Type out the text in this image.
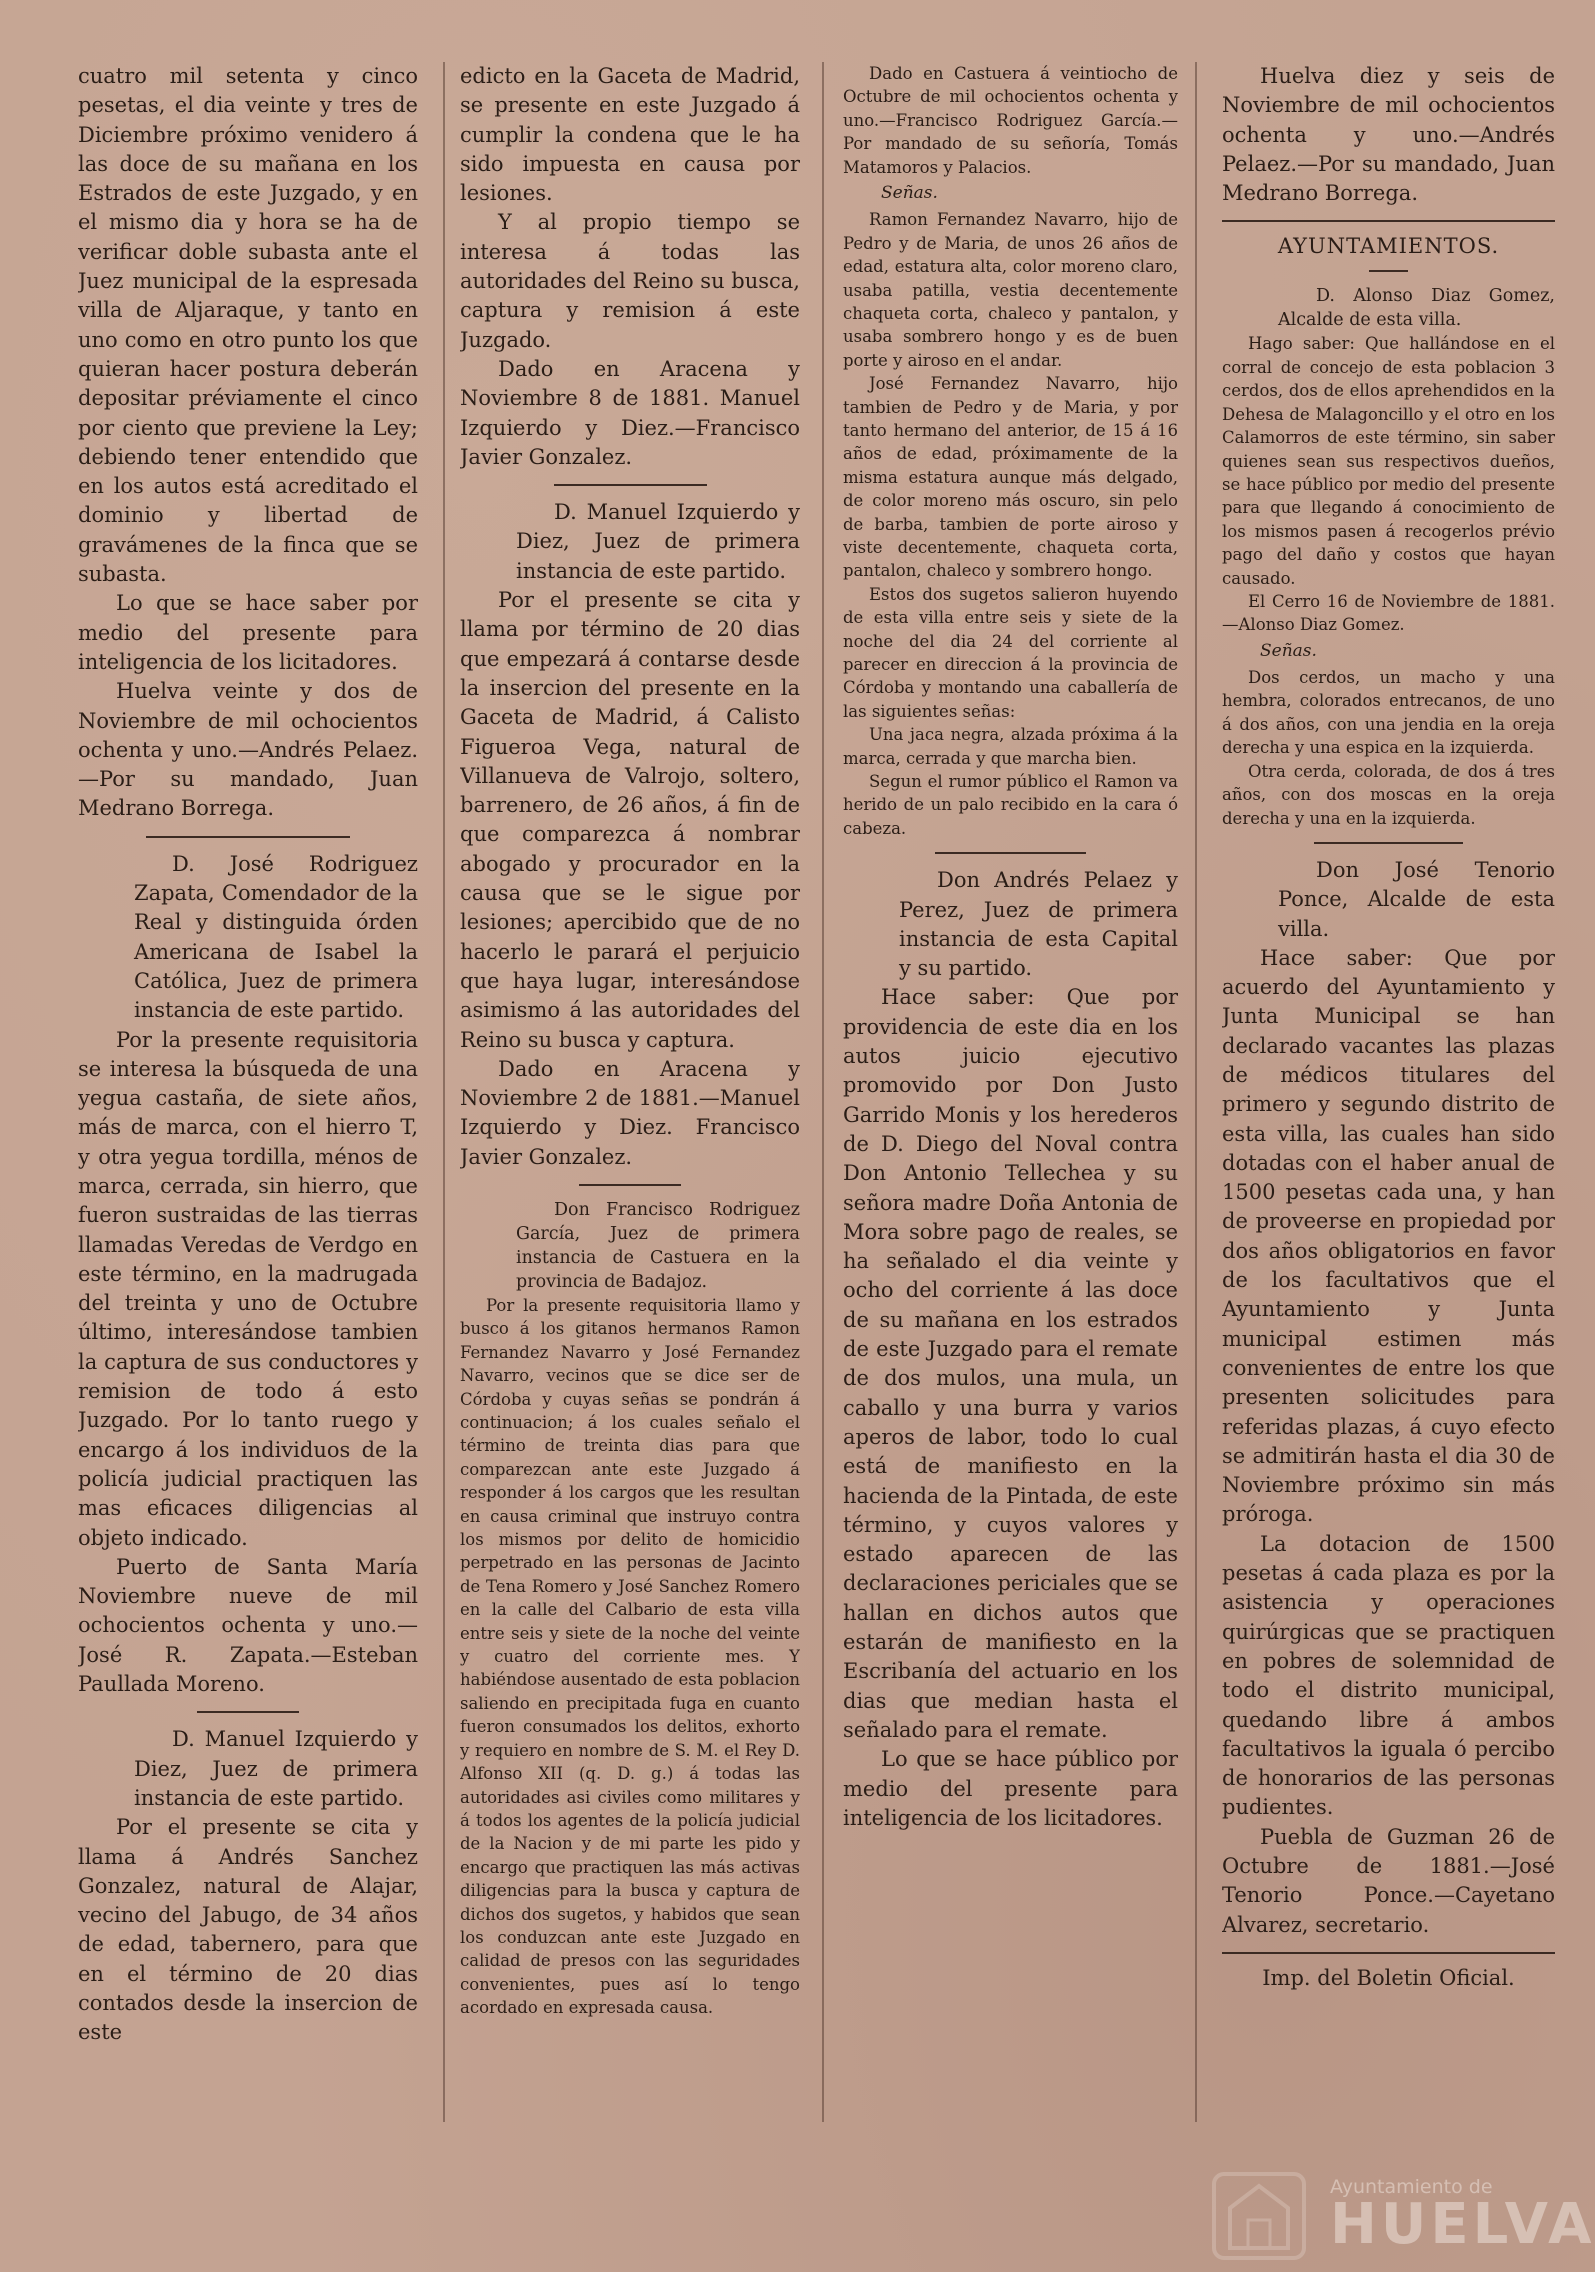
cuatro mil setenta y cinco pesetas, el dia veinte y tres de Diciembre próximo venidero á las doce de su mañana en los Estrados de este Juzgado, y en el mismo dia y hora se ha de verificar doble subasta ante el Juez municipal de la espresada villa de Aljaraque, y tanto en uno como en otro punto los que quieran hacer postura deberán depositar préviamente el cinco por ciento que previene la Ley; debiendo tener entendido que en los autos está acreditado el dominio y libertad de gravámenes de la finca que se subasta.

Lo que se hace saber por medio del presente para inteligencia de los licitadores.

Huelva veinte y dos de Noviembre de mil ochocientos ochenta y uno.—Andrés Pelaez.—Por su mandado, Juan Medrano Borrega.

D. José Rodriguez Zapata, Comendador de la Real y distinguida órden Americana de Isabel la Católica, Juez de primera instancia de este partido.

Por la presente requisitoria se interesa la búsqueda de una yegua castaña, de siete años, más de marca, con el hierro T, y otra yegua tordilla, ménos de marca, cerrada, sin hierro, que fueron sustraidas de las tierras llamadas Veredas de Verdgo en este término, en la madrugada del treinta y uno de Octubre último, interesándose tambien la captura de sus conductores y remision de todo á esto Juzgado. Por lo tanto ruego y encargo á los individuos de la policía judicial practiquen las mas eficaces diligencias al objeto indicado.

Puerto de Santa María Noviembre nueve de mil ochocientos ochenta y uno.—José R. Zapata.—Esteban Paullada Moreno.

D. Manuel Izquierdo y Diez, Juez de primera instancia de este partido.

Por el presente se cita y llama á Andrés Sanchez Gonzalez, natural de Alajar, vecino del Jabugo, de 34 años de edad, tabernero, para que en el término de 20 dias contados desde la insercion de este

edicto en la Gaceta de Madrid, se presente en este Juzgado á cumplir la condena que le ha sido impuesta en causa por lesiones.

Y al propio tiempo se interesa á todas las autoridades del Reino su busca, captura y remision á este Juzgado.

Dado en Aracena y Noviembre 8 de 1881. Manuel Izquierdo y Diez.—Francisco Javier Gonzalez.

D. Manuel Izquierdo y Diez, Juez de primera instancia de este partido.

Por el presente se cita y llama por término de 20 dias que empezará á contarse desde la insercion del presente en la Gaceta de Madrid, á Calisto Figueroa Vega, natural de Villanueva de Valrojo, soltero, barrenero, de 26 años, á fin de que comparezca á nombrar abogado y procurador en la causa que se le sigue por lesiones; apercibido que de no hacerlo le parará el perjuicio que haya lugar, interesándose asimismo á las autoridades del Reino su busca y captura.

Dado en Aracena y Noviembre 2 de 1881.—Manuel Izquierdo y Diez. Francisco Javier Gonzalez.

Don Francisco Rodriguez García, Juez de primera instancia de Castuera en la provincia de Badajoz.

Por la presente requisitoria llamo y busco á los gitanos hermanos Ramon Fernandez Navarro y José Fernandez Navarro, vecinos que se dice ser de Córdoba y cuyas señas se pondrán á continuacion; á los cuales señalo el término de treinta dias para que comparezcan ante este Juzgado á responder á los cargos que les resultan en causa criminal que instruyo contra los mismos por delito de homicidio perpetrado en las personas de Jacinto de Tena Romero y José Sanchez Romero en la calle del Calbario de esta villa entre seis y siete de la noche del veinte y cuatro del corriente mes. Y habiéndose ausentado de esta poblacion saliendo en precipitada fuga en cuanto fueron consumados los delitos, exhorto y requiero en nombre de S. M. el Rey D. Alfonso XII (q. D. g.) á todas las autoridades asi civiles como militares y á todos los agentes de la policía judicial de la Nacion y de mi parte les pido y encargo que practiquen las más activas diligencias para la busca y captura de dichos dos sugetos, y habidos que sean los conduzcan ante este Juzgado en calidad de presos con las seguridades convenientes, pues así lo tengo acordado en expresada causa.

Dado en Castuera á veintiocho de Octubre de mil ochocientos ochenta y uno.—Francisco Rodriguez García.—Por mandado de su señoría, Tomás Matamoros y Palacios.

Señas.

Ramon Fernandez Navarro, hijo de Pedro y de Maria, de unos 26 años de edad, estatura alta, color moreno claro, usaba patilla, vestia decentemente chaqueta corta, chaleco y pantalon, y usaba sombrero hongo y es de buen porte y airoso en el andar.

José Fernandez Navarro, hijo tambien de Pedro y de Maria, y por tanto hermano del anterior, de 15 á 16 años de edad, próximamente de la misma estatura aunque más delgado, de color moreno más oscuro, sin pelo de barba, tambien de porte airoso y viste decentemente, chaqueta corta, pantalon, chaleco y sombrero hongo.

Estos dos sugetos salieron huyendo de esta villa entre seis y siete de la noche del dia 24 del corriente al parecer en direccion á la provincia de Córdoba y montando una caballería de las siguientes señas:

Una jaca negra, alzada próxima á la marca, cerrada y que marcha bien.

Segun el rumor público el Ramon va herido de un palo recibido en la cara ó cabeza.

Don Andrés Pelaez y Perez, Juez de primera instancia de esta Capital y su partido.

Hace saber: Que por providencia de este dia en los autos juicio ejecutivo promovido por Don Justo Garrido Monis y los herederos de D. Diego del Noval contra Don Antonio Tellechea y su señora madre Doña Antonia de Mora sobre pago de reales, se ha señalado el dia veinte y ocho del corriente á las doce de su mañana en los estrados de este Juzgado para el remate de dos mulos, una mula, un caballo y una burra y varios aperos de labor, todo lo cual está de manifiesto en la hacienda de la Pintada, de este término, y cuyos valores y estado aparecen de las declaraciones periciales que se hallan en dichos autos que estarán de manifiesto en la Escribanía del actuario en los dias que median hasta el señalado para el remate.

Lo que se hace público por medio del presente para inteligencia de los licitadores.

Huelva diez y seis de Noviembre de mil ochocientos ochenta y uno.—Andrés Pelaez.—Por su mandado, Juan Medrano Borrega.

AYUNTAMIENTOS.

D. Alonso Diaz Gomez, Alcalde de esta villa.

Hago saber: Que hallándose en el corral de concejo de esta poblacion 3 cerdos, dos de ellos aprehendidos en la Dehesa de Malagoncillo y el otro en los Calamorros de este término, sin saber quienes sean sus respectivos dueños, se hace público por medio del presente para que llegando á conocimiento de los mismos pasen á recogerlos prévio pago del daño y costos que hayan causado.

El Cerro 16 de Noviembre de 1881.—Alonso Diaz Gomez.

Señas.

Dos cerdos, un macho y una hembra, colorados entrecanos, de uno á dos años, con una jendia en la oreja derecha y una espica en la izquierda.

Otra cerda, colorada, de dos á tres años, con dos moscas en la oreja derecha y una en la izquierda.

Don José Tenorio Ponce, Alcalde de esta villa.

Hace saber: Que por acuerdo del Ayuntamiento y Junta Municipal se han declarado vacantes las plazas de médicos titulares del primero y segundo distrito de esta villa, las cuales han sido dotadas con el haber anual de 1500 pesetas cada una, y han de proveerse en propiedad por dos años obligatorios en favor de los facultativos que el Ayuntamiento y Junta municipal estimen más convenientes de entre los que presenten solicitudes para referidas plazas, á cuyo efecto se admitirán hasta el dia 30 de Noviembre próximo sin más próroga.

La dotacion de 1500 pesetas á cada plaza es por la asistencia y operaciones quirúrgicas que se practiquen en pobres de solemnidad de todo el distrito municipal, quedando libre á ambos facultativos la iguala ó percibo de honorarios de las personas pudientes.

Puebla de Guzman 26 de Octubre de 1881.—José Tenorio Ponce.—Cayetano Alvarez, secretario.

Imp. del Boletin Oficial.
Ayuntamiento de
HUELVA
